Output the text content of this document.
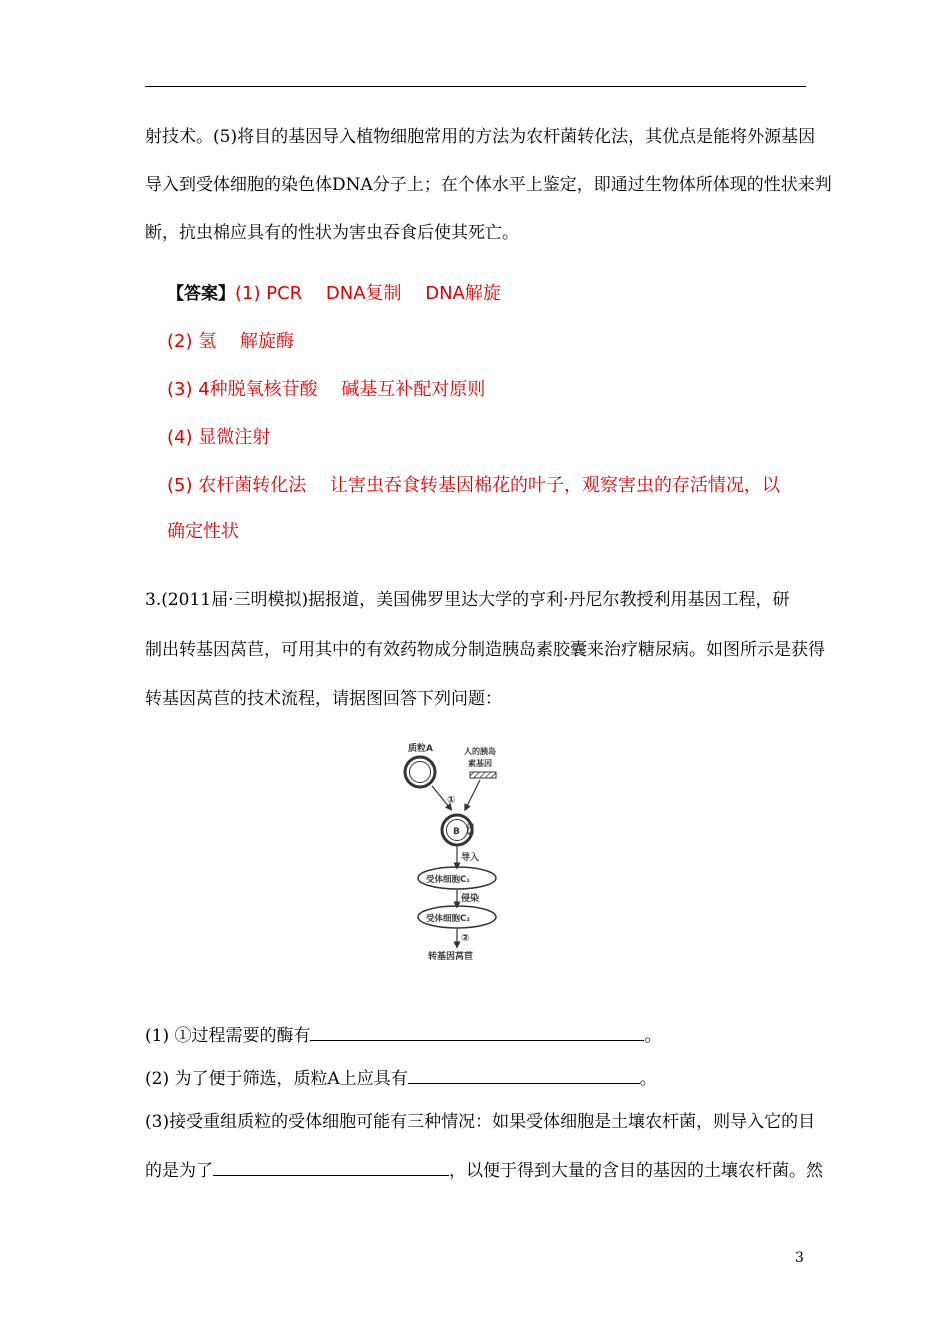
射技术。(5)将目的基因导入植物细胞常用的方法为农杆菌转化法，其优点是能将外源基因
导入到受体细胞的染色体DNA分子上；在个体水平上鉴定，即通过生物体所体现的性状来判
断，抗虫棉应具有的性状为害虫吞食后使其死亡。
【答案】(1) PCR　 DNA复制　 DNA解旋
(2) 氢　 解旋酶
(3) 4种脱氧核苷酸　 碱基互补配对原则
(4) 显微注射
(5) 农杆菌转化法　 让害虫吞食转基因棉花的叶子，观察害虫的存活情况，以
确定性状
3.(2011届·三明模拟)据报道，美国佛罗里达大学的亨利·丹尼尔教授利用基因工程，研
制出转基因莴苣，可用其中的有效药物成分制造胰岛素胶囊来治疗糖尿病。如图所示是获得
转基因莴苣的技术流程，请据图回答下列问题：
质粒A	人的胰岛
素基因
①
B
导入
受体细胞C₁
侵染
受体细胞C₂
②
转基因莴苣
(1) ①过程需要的酶有	。
(2) 为了便于筛选，质粒A上应具有	。
(3)接受重组质粒的受体细胞可能有三种情况：如果受体细胞是土壤农杆菌，则导入它的目
的是为了	，以便于得到大量的含目的基因的土壤农杆菌。然
3
